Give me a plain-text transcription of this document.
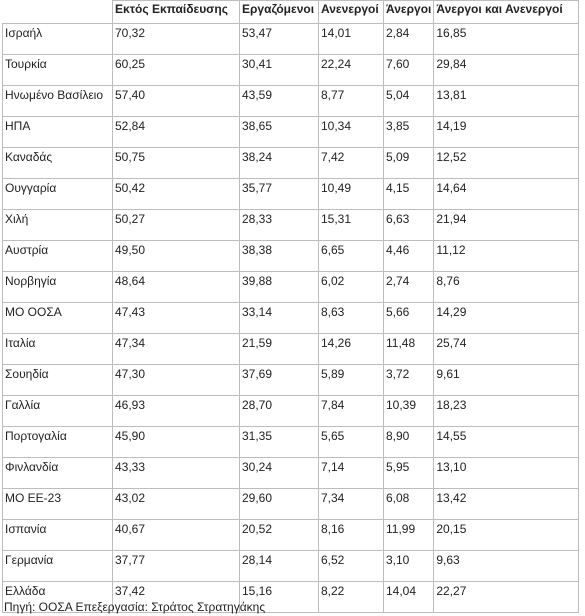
	Εκτός Εκπαίδευσης	Εργαζόμενοι	Ανενεργοί	Άνεργοι	Άνεργοι και Ανενεργοί
Ισραήλ	70,32	53,47	14,01	2,84	16,85
Τουρκία	60,25	30,41	22,24	7,60	29,84
Ηνωμένο Βασίλειο	57,40	43,59	8,77	5,04	13,81
ΗΠΑ	52,84	38,65	10,34	3,85	14,19
Καναδάς	50,75	38,24	7,42	5,09	12,52
Ουγγαρία	50,42	35,77	10,49	4,15	14,64
Χιλή	50,27	28,33	15,31	6,63	21,94
Αυστρία	49,50	38,38	6,65	4,46	11,12
Νορβηγία	48,64	39,88	6,02	2,74	8,76
ΜΟ ΟΟΣΑ	47,43	33,14	8,63	5,66	14,29
Ιταλία	47,34	21,59	14,26	11,48	25,74
Σουηδία	47,30	37,69	5,89	3,72	9,61
Γαλλία	46,93	28,70	7,84	10,39	18,23
Πορτογαλία	45,90	31,35	5,65	8,90	14,55
Φινλανδία	43,33	30,24	7,14	5,95	13,10
ΜΟ ΕΕ-23	43,02	29,60	7,34	6,08	13,42
Ισπανία	40,67	20,52	8,16	11,99	20,15
Γερμανία	37,77	28,14	6,52	3,10	9,63
Ελλάδα	37,42	15,16	8,22	14,04	22,27
Πηγή: ΟΟΣΑ Επεξεργασία: Στράτος Στρατηγάκης
